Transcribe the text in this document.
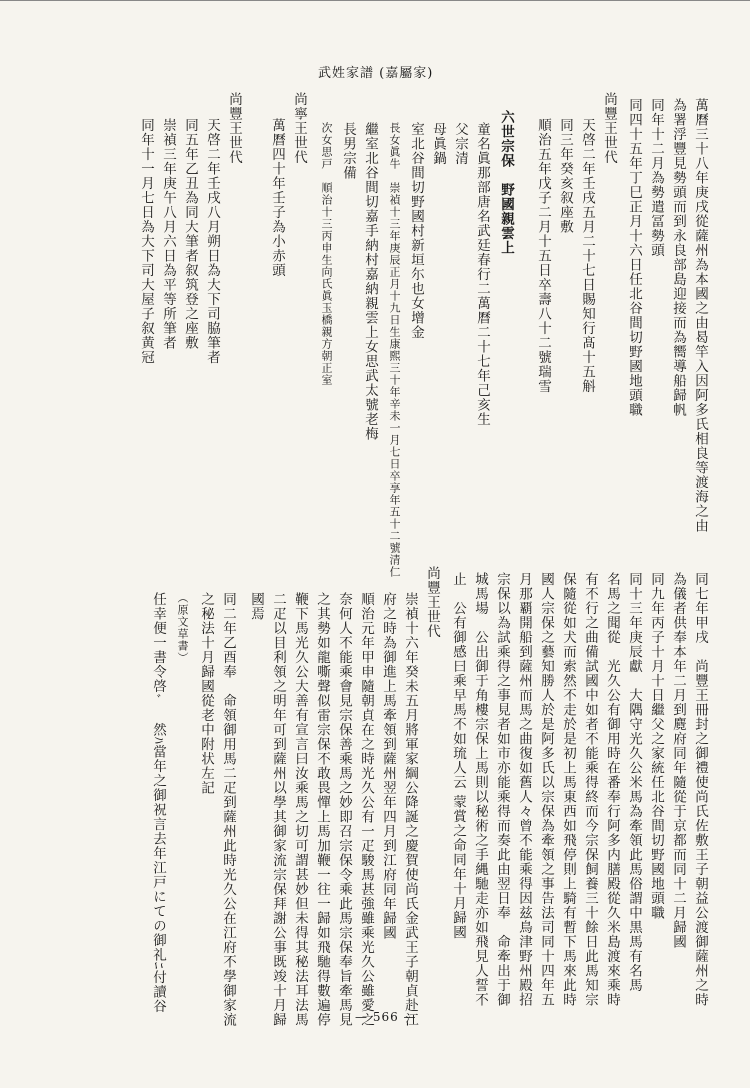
武姓家譜 (嘉屬家)
萬曆三十八年庚戌從薩州為本國之由曷竿入因阿多氏相良等渡海之由
為署浮豐見勢頭而到永良部島迎接而為嚮導船歸帆
同年十二月為勢遣冨勢頭
同四十五年丁巳正月十六日任北谷間切野國地頭職
尚豐王世代
天啓二年壬戌五月二十七日賜知行髙十五斛
同三年癸亥叙座敷
順治五年戊子二月十五日卒壽八十二號瑞雪
六世宗保　野國親雲上
童名眞那部唐名武廷春行二萬曆二十七年己亥生
父宗清
母眞鍋
室北谷間切野國村新垣尓也女增金
長女眞牛　崇禎十三年庚辰正月十九日生康熙三十年辛未一月七日卒享年五十二號清仁
繼室北谷間切嘉手納村嘉納親雲上女思武太號老梅
長男宗備
次女思戸　順治十三丙申生向氏眞玉橋親方朝正室
尚寧王世代
萬曆四十年壬子為小赤頭
尚豐王世代
天啓二年壬戌八月朔日為大下司脇筆者
同五年乙丑為同大筆者叙筑登之座敷
崇禎三年庚午八月六日為平等所筆者
同年十一月七日為大下司大屋子叙黄冠
同七年甲戌　尚豐王冊封之御禮使尚氏佐敷王子朝益公渡御薩州之時
為儀者供奉本年二月到麑府同年隨從于京都而同十二月歸國
同九年丙子十月十日繼父之家統任北谷間切野國地頭職
同十三年庚辰獻　大隅守光久公米馬為牽領此馬俗謂中黒馬有名馬
名馬之聞從　光久公有御用時在番奉行阿多内膳殿從久米島渡來乘時
有不行之曲備試國中如者不能乘得終而今宗保飼養三十餘日此馬知宗
保隨從如犬而索然不走於是初上馬東西如飛停則上騎有暫下馬來此時
國人宗保之藝知勝人於是阿多氏以宗保為牽領之事告法司同十四年五
月那覇開船到薩州而馬之曲復如舊人々曾不能乘得因兹鳥津野州殿招
宗保以為試乘得之事見者如市亦能乘得而奏此由翌日奉　命牽出于御
城馬場　公出御于角樓宗保上馬則以秘術之手縄馳走亦如飛見人誓不
止　公有御感曰乘早馬不如琉人云 蒙賞之命同年十月歸國
尚豐王世代
崇禎十六年癸未五月將軍家綱公降誕之慶賀使尚氏金武王子朝貞赴江
府之時為御進上馬牽領到薩州翌年四月到江府同年歸國
順治元年甲申隨朝貞在之時光久公有一疋駿馬甚強雖乘光久公雖愛之
奈何人不能乘會見宗保善乘馬之妙即召宗保令乘此馬宗保奉旨牽馬見
之其勢如龍嘶聲似雷宗保不敢畏憚上馬加鞭一往一歸如飛馳得數遍停
鞭下馬光久公大善有宣言曰汝乘馬之切可謂甚妙但未得其秘法耳法馬
二疋以目利領之明年可到薩州以學其御家流宗保拜謝公事既竣十月歸
國焉
同二年乙酉奉　命領御用馬二疋到薩州此時光久公在江府不學御家流
之秘法十月歸國從老中附状左記
（原文草書）
任幸便一書令啓ﾞ　然ﾊ當年之御祝言去年江戸にての御礼ﾆ付讀谷
— 566 —
